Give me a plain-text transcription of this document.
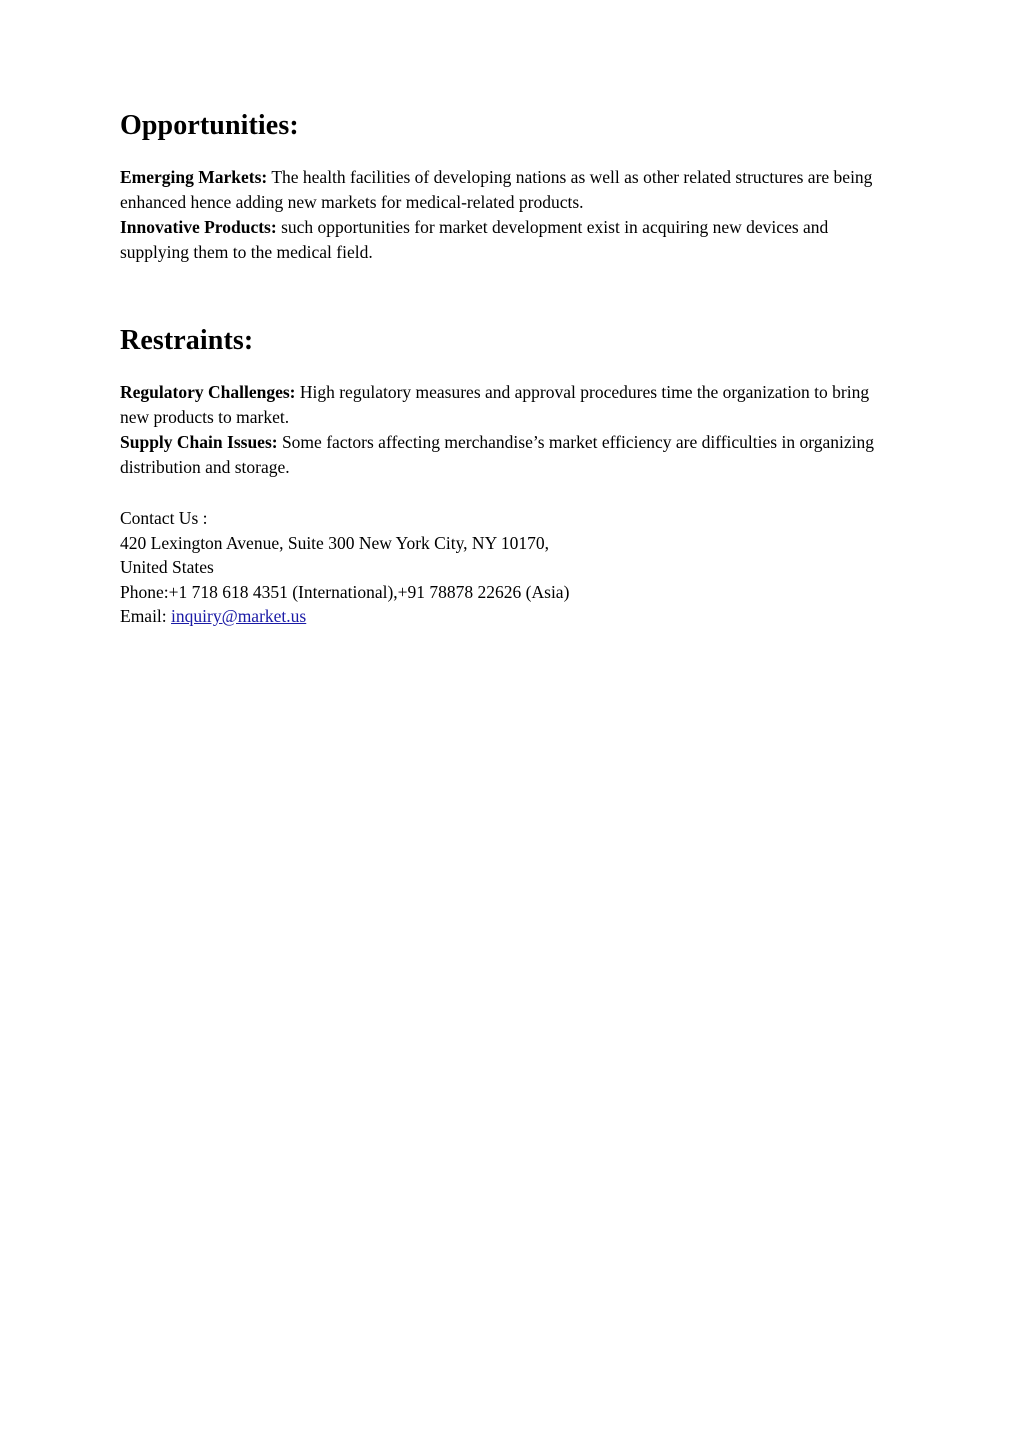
Opportunities:

Emerging Markets: The health facilities of developing nations as well as other related structures are being enhanced hence adding new markets for medical-related products.

Innovative Products: such opportunities for market development exist in acquiring new devices and supplying them to the medical field.

Restraints:

Regulatory Challenges: High regulatory measures and approval procedures time the organization to bring new products to market.

Supply Chain Issues: Some factors affecting merchandise’s market efficiency are difficulties in organizing distribution and storage.

Contact Us :
420 Lexington Avenue, Suite 300 New York City, NY 10170,
United States
Phone:+1 718 618 4351 (International),+91 78878 22626 (Asia)
Email: inquiry@market.us
